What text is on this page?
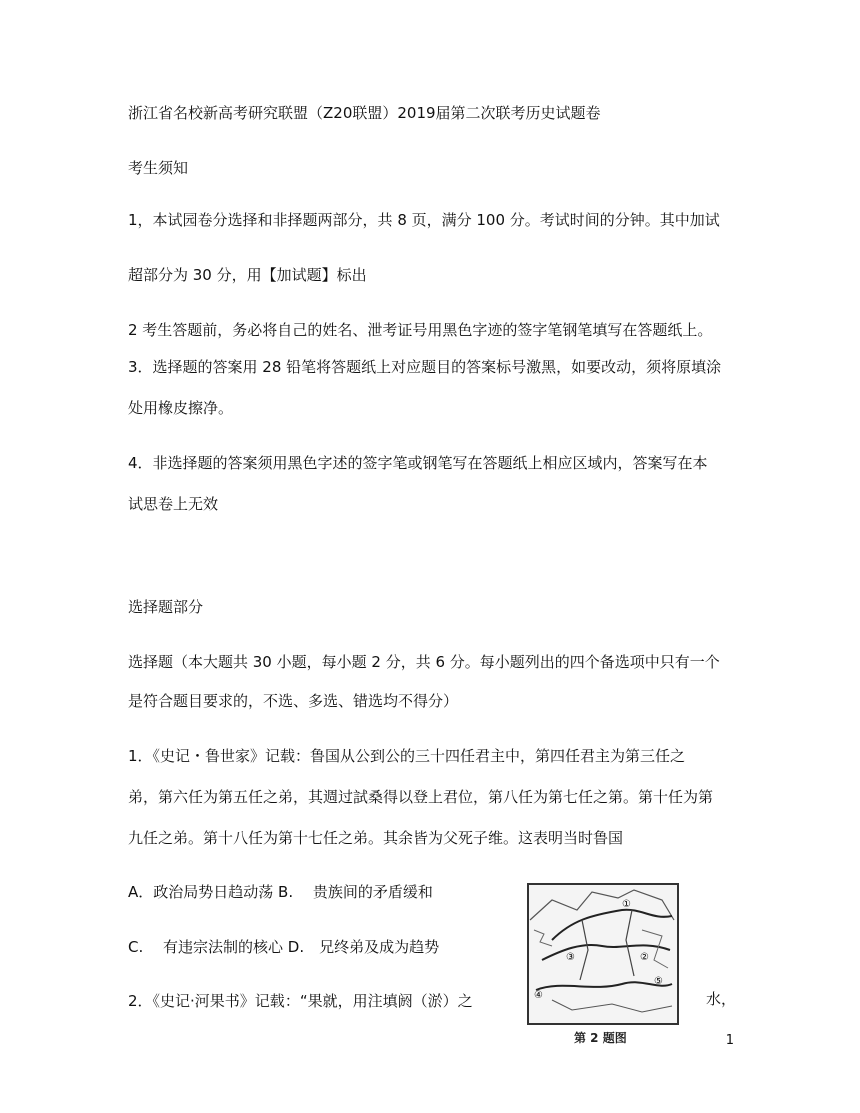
浙江省名校新高考研究联盟（Z20联盟）2019届第二次联考历史试题卷
考生须知
1，本试园卷分选择和非择题两部分，共 8 页，满分 100 分。考试时间的分钟。其中加试
超部分为 30 分，用【加试题】标出
2 考生答题前，务必将自己的姓名、泄考证号用黑色字迹的签字笔钢笔填写在答题纸上。
3．选择题的答案用 28 铅笔将答题纸上对应题目的答案标号激黑，如要改动，须将原填涂
处用橡皮擦净。
4．非选择题的答案须用黑色字述的签字笔或钢笔写在答题纸上相应区域内，答案写在本
试思卷上无效
选择题部分
选择题（本大题共 30 小题，每小题 2 分，共 6 分。每小题列出的四个备选项中只有一个
是符合题目要求的，不选、多选、错选均不得分）
1．《史记・鲁世家》记载：鲁国从公到公的三十四任君主中，第四任君主为第三任之
弟，第六任为第五任之弟，其週过試桑得以登上君位，第八任为第七任之第。第十任为第
九任之弟。第十八任为第十七任之弟。其余皆为父死子维。这表明当时鲁国
A．政治局势日趋动荡 B.　 贵族间的矛盾缓和
C.　 有违宗法制的核心 D.　兄终弟及成为趋势
2．《史记·河果书》记载：“果就，用注填阏（淤）之	水，
①
②
③
④
⑤
第 2 题图	1
